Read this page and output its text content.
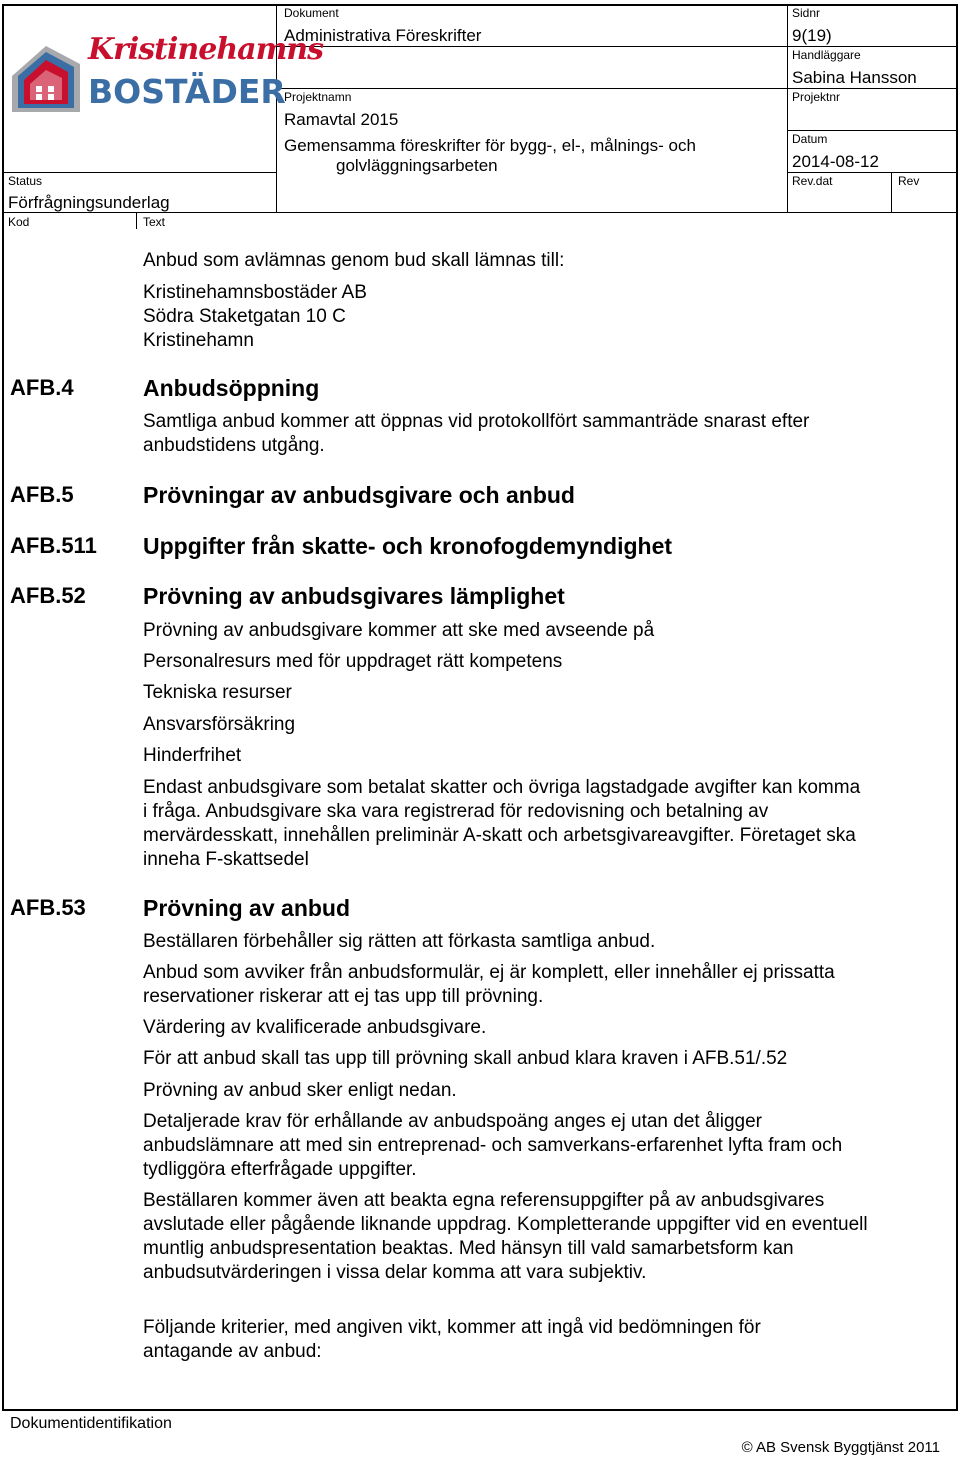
Kristinehamns
BOSTÄDER
Dokument
Administrativa Föreskrifter
Sidnr
9(19)
Handläggare
Sabina Hansson
Projektnamn
Ramavtal 2015
Gemensamma föreskrifter för bygg-, el-, målnings- och
golvläggningsarbeten
Projektnr
Datum
2014-08-12
Status
Förfrågningsunderlag
Rev.dat	Rev
Kod	Text
Anbud som avlämnas genom bud skall lämnas till:
Kristinehamnsbostäder AB
Södra Staketgatan 10 C
Kristinehamn
AFB.4	Anbudsöppning
Samtliga anbud kommer att öppnas vid protokollfört sammanträde snarast efter anbudstidens utgång.
AFB.5	Prövningar av anbudsgivare och anbud
AFB.511 Uppgifter från skatte- och kronofogdemyndighet
AFB.52 Prövning av anbudsgivares lämplighet
Prövning av anbudsgivare kommer att ske med avseende på
Personalresurs med för uppdraget rätt kompetens
Tekniska resurser
Ansvarsförsäkring
Hinderfrihet
Endast anbudsgivare som betalat skatter och övriga lagstadgade avgifter kan komma i fråga. Anbudsgivare ska vara registrerad för redovisning och betalning av mervärdesskatt, innehållen preliminär A-skatt och arbetsgivareavgifter. Företaget ska inneha F-skattsedel
AFB.53 Prövning av anbud
Beställaren förbehåller sig rätten att förkasta samtliga anbud.
Anbud som avviker från anbudsformulär, ej är komplett, eller innehåller ej prissatta reservationer riskerar att ej tas upp till prövning.
Värdering av kvalificerade anbudsgivare.
För att anbud skall tas upp till prövning skall anbud klara kraven i AFB.51/.52
Prövning av anbud sker enligt nedan.
Detaljerade krav för erhållande av anbudspoäng anges ej utan det åligger anbudslämnare att med sin entreprenad- och samverkans-erfarenhet lyfta fram och tydliggöra efterfrågade uppgifter.
Beställaren kommer även att beakta egna referensuppgifter på av anbudsgivares avslutade eller pågående liknande uppdrag. Kompletterande uppgifter vid en eventuell muntlig anbudspresentation beaktas. Med hänsyn till vald samarbetsform kan anbudsutvärderingen i vissa delar komma att vara subjektiv.
Följande kriterier, med angiven vikt, kommer att ingå vid bedömningen för antagande av anbud:
Dokumentidentifikation
© AB Svensk Byggtjänst 2011
